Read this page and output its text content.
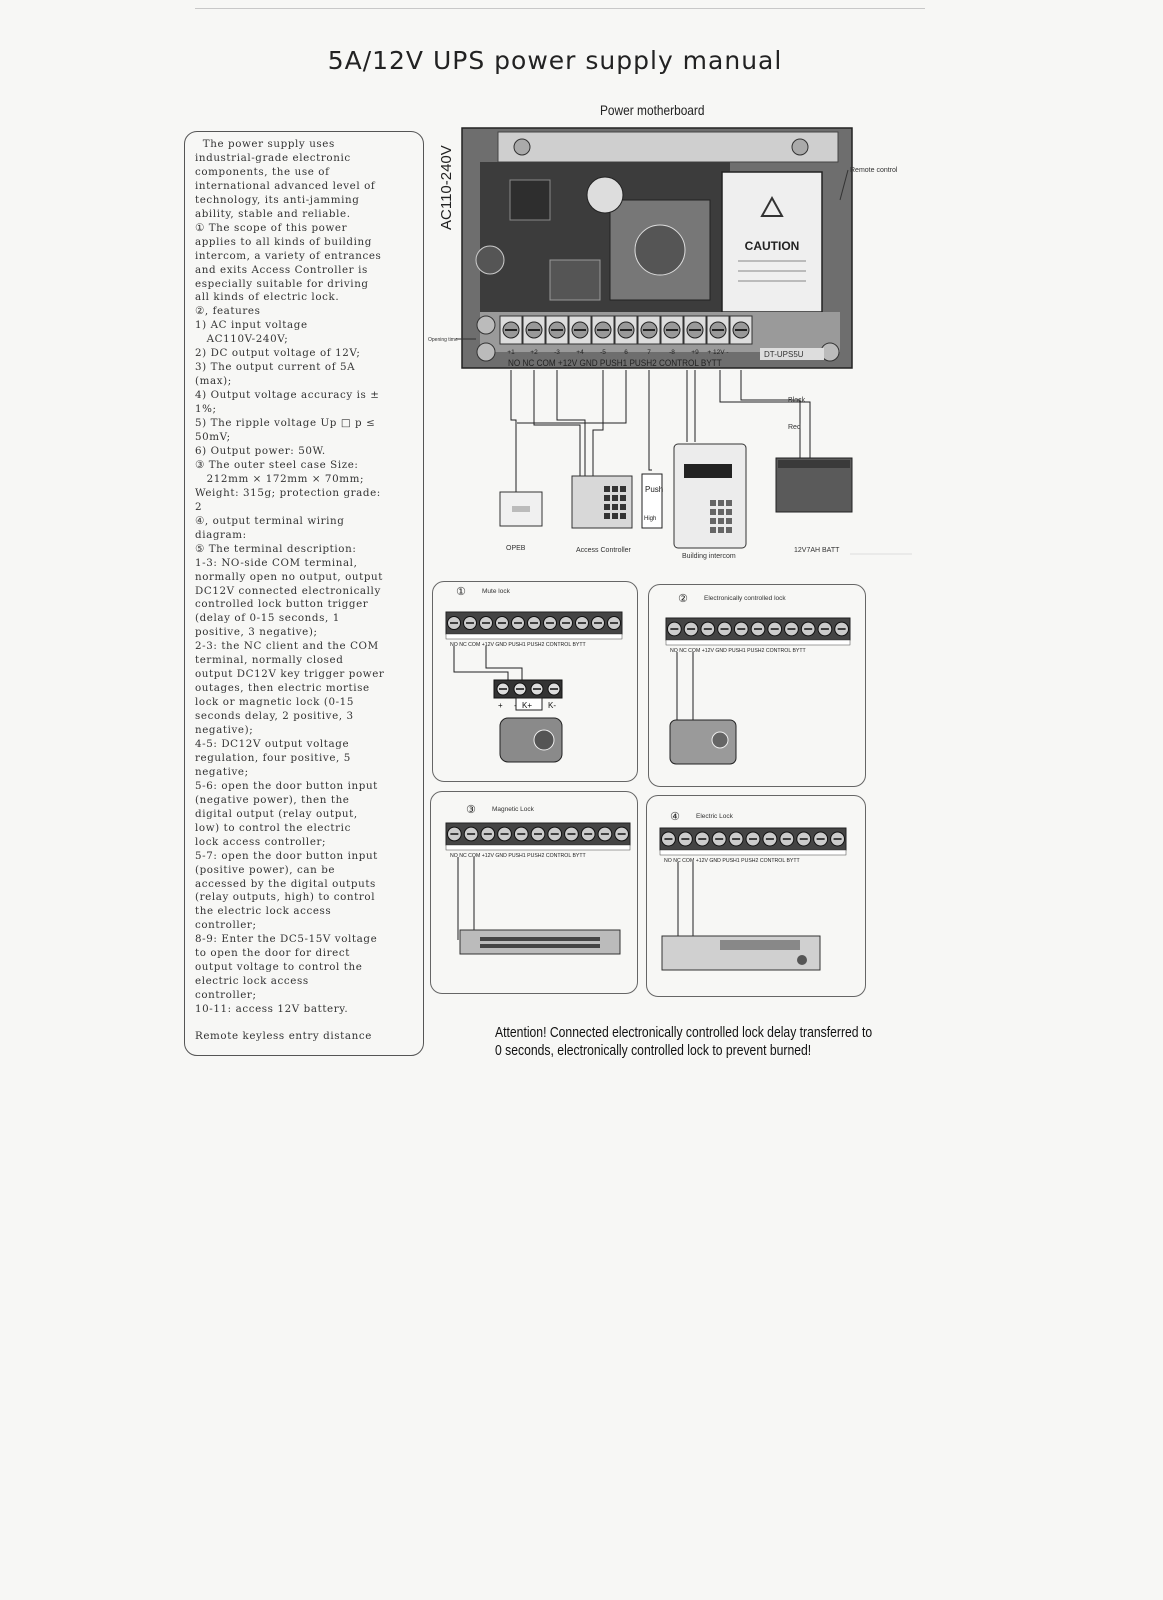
5A/12V UPS power supply manual

The power supply uses

industrial-grade electronic

components, the use of

international advanced level of

technology, its anti-jamming

ability, stable and reliable.

① The scope of this power

applies to all kinds of building

intercom, a variety of entrances

and exits Access Controller is

especially suitable for driving

all kinds of electric lock.

②, features

1) AC input voltage

AC110V-240V;

2) DC output voltage of 12V;

3) The output current of 5A

(max);

4) Output voltage accuracy is ±

1%;

5) The ripple voltage Up □ p ≤

50mV;

6) Output power: 50W.

③ The outer steel case Size:

212mm × 172mm × 70mm;

Weight: 315g; protection grade:

2

④, output terminal wiring

diagram:

⑤ The terminal description:

1-3: NO-side COM terminal,

normally open no output, output

DC12V connected electronically

controlled lock button trigger

(delay of 0-15 seconds, 1

positive, 3 negative);

2-3: the NC client and the COM

terminal, normally closed

output DC12V key trigger power

outages, then electric mortise

lock or magnetic lock (0-15

seconds delay, 2 positive, 3

negative);

4-5: DC12V output voltage

regulation, four positive, 5

negative;

5-6: open the door button input

(negative power), then the

digital output (relay output,

low) to control the electric

lock access controller;

5-7: open the door button input

(positive power), can be

accessed by the digital outputs

(relay outputs, high) to control

the electric lock access

controller;

8-9: Enter the DC5-15V voltage

to open the door for direct

output voltage to control the

electric lock access

controller;

10-11: access 12V battery.

Remote keyless entry distance

Power motherboard
AC110-240V
CAUTION
+1 +2	-3	+4	-5	6	7	-8	+9 + 12V -	DT-UPS5U
Remote control
Opening time
Black
Red
Push
High
OPEB	Access Controller
Building intercom
12V7AH BATT
NO NC COM +12V GND PUSH1 PUSH2 CONTROL BYTT
① Mute lock
NO NC COM +12V GND PUSH1 PUSH2 CONTROL BYTT
+ - K+ K-
② Electronically controlled lock
NO NC COM +12V GND PUSH1 PUSH2 CONTROL BYTT
③ Magnetic Lock
NO NC COM +12V GND PUSH1 PUSH2 CONTROL BYTT
④ Electric Lock
NO NC COM +12V GND PUSH1 PUSH2 CONTROL BYTT
Attention! Connected electronically controlled lock delay transferred to
0 seconds, electronically controlled lock to prevent burned!
